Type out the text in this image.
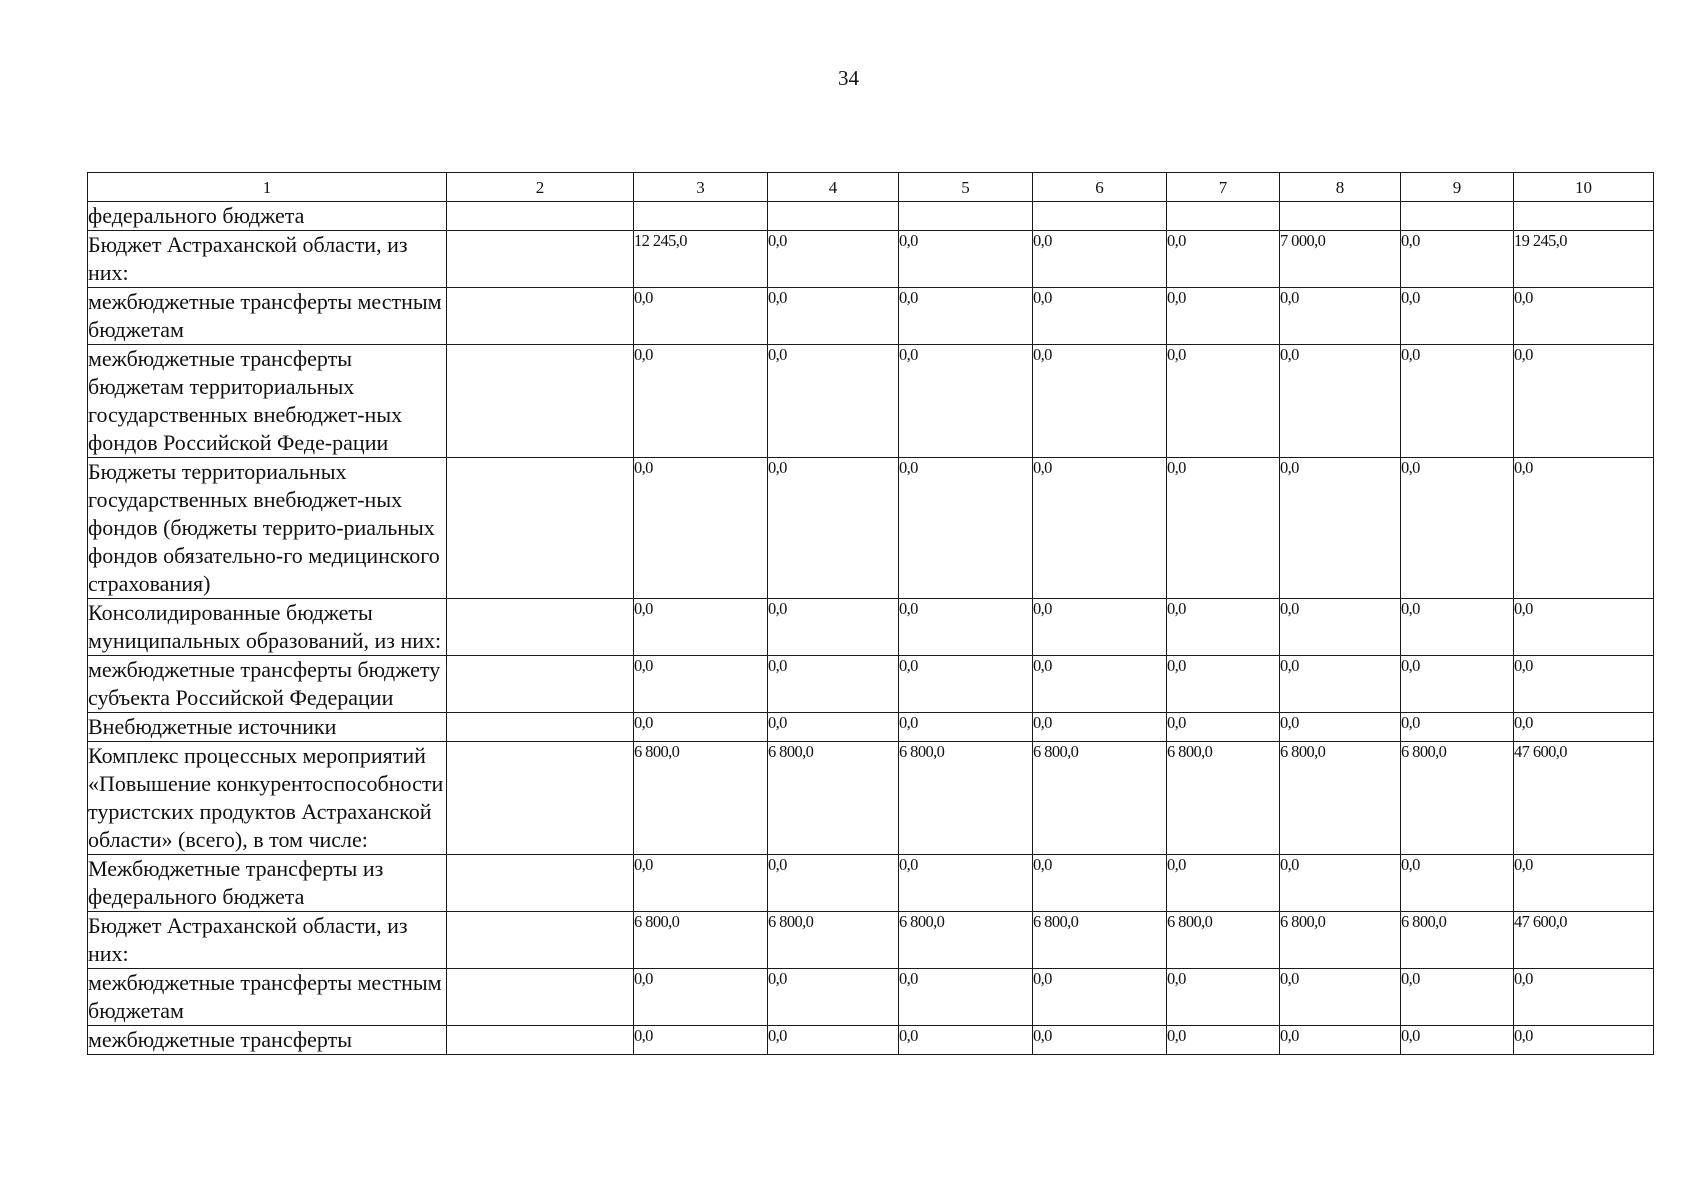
34
1	2	3	4	5	6	7	8	9	10
федерального бюджета									
Бюджет Астраханской области, из них:		12 245,0	0,0	0,0	0,0	0,0	7 000,0	0,0	19 245,0
межбюджетные трансферты местным бюджетам		0,0	0,0	0,0	0,0	0,0	0,0	0,0	0,0
межбюджетные трансферты бюджетам территориальных государственных внебюджет-ных фондов Российской Феде-рации		0,0	0,0	0,0	0,0	0,0	0,0	0,0	0,0
Бюджеты территориальных государственных внебюджет-ных фондов (бюджеты террито-риальных фондов обязательно-го медицинского страхования)		0,0	0,0	0,0	0,0	0,0	0,0	0,0	0,0
Консолидированные бюджеты муниципальных образований, из них:		0,0	0,0	0,0	0,0	0,0	0,0	0,0	0,0
межбюджетные трансферты бюджету субъекта Российской Федерации		0,0	0,0	0,0	0,0	0,0	0,0	0,0	0,0
Внебюджетные источники		0,0	0,0	0,0	0,0	0,0	0,0	0,0	0,0
Комплекс процессных мероприятий «Повышение конкурентоспособности туристских продуктов Астраханской области» (всего), в том числе:		6 800,0	6 800,0	6 800,0	6 800,0	6 800,0	6 800,0	6 800,0	47 600,0
Межбюджетные трансферты из федерального бюджета		0,0	0,0	0,0	0,0	0,0	0,0	0,0	0,0
Бюджет Астраханской области, из них:		6 800,0	6 800,0	6 800,0	6 800,0	6 800,0	6 800,0	6 800,0	47 600,0
межбюджетные трансферты местным бюджетам		0,0	0,0	0,0	0,0	0,0	0,0	0,0	0,0
межбюджетные трансферты		0,0	0,0	0,0	0,0	0,0	0,0	0,0	0,0
